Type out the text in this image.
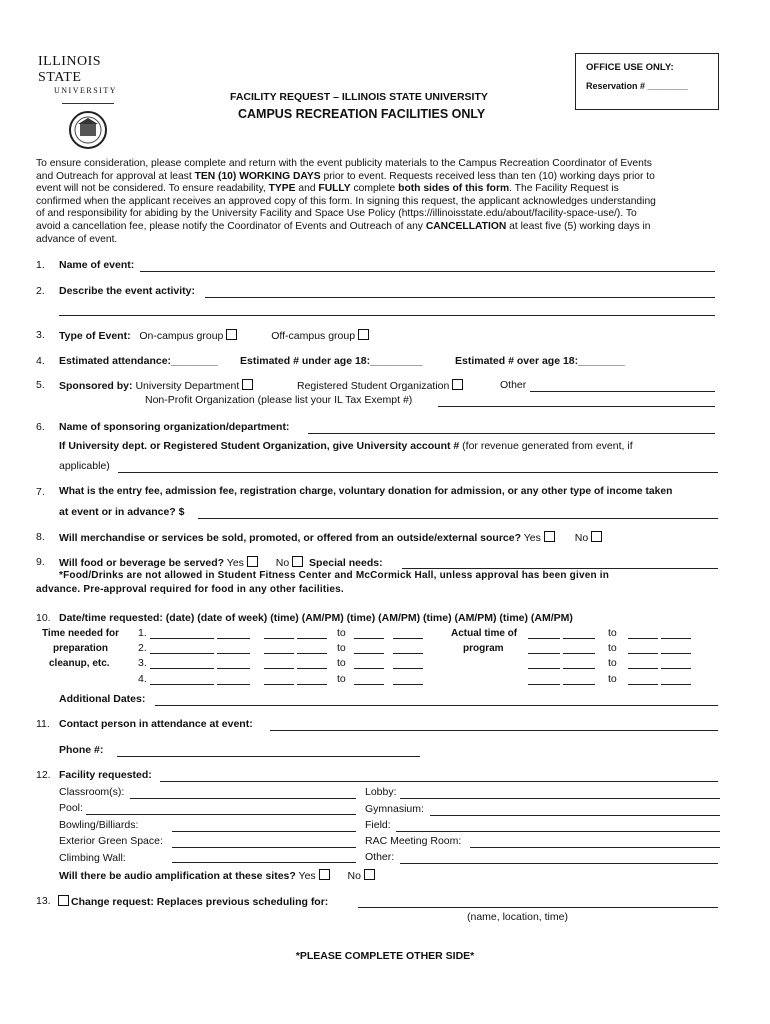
ILLINOIS STATE
UNIVERSITY
FACILITY REQUEST – ILLINOIS STATE UNIVERSITY
CAMPUS RECREATION FACILITIES ONLY
OFFICE USE ONLY:
Reservation # ________
To ensure consideration, please complete and return with the event publicity materials to the Campus Recreation Coordinator of Events
and Outreach for approval at least TEN (10) WORKING DAYS prior to event. Requests received less than ten (10) working days prior to
event will not be considered. To ensure readability, TYPE and FULLY complete both sides of this form. The Facility Request is
confirmed when the applicant receives an approved copy of this form. In signing this request, the applicant acknowledges understanding
of and responsibility for abiding by the University Facility and Space Use Policy (https://illinoisstate.edu/about/facility-space-use/). To
avoid a cancellation fee, please notify the Coordinator of Events and Outreach of any CANCELLATION at least five (5) working days in
advance of event.
1. Name of event:
2. Describe the event activity:
3. Type of Event: On-campus group	Off-campus group
4. Estimated attendance:________ Estimated # under age 18:_________	Estimated # over age 18:________
5. Sponsored by: University Department	Registered Student Organization	Other
Non-Profit Organization (please list your IL Tax Exempt #)
6. Name of sponsoring organization/department:
If University dept. or Registered Student Organization, give University account # (for revenue generated from event, if
applicable)
7. What is the entry fee, admission fee, registration charge, voluntary donation for admission, or any other type of income taken
at event or in advance? $
8. Will merchandise or services be sold, promoted, or offered from an outside/external source? Yes	No
9. Will food or beverage be served? Yes	No Special needs:
*Food/Drinks are not allowed in Student Fitness Center and McCormick Hall, unless approval has been given in
advance. Pre-approval required for food in any other facilities.
10. Date/time requested: (date) (date of week) (time) (AM/PM) (time) (AM/PM) (time) (AM/PM) (time) (AM/PM)
Time needed for
preparation
cleanup, etc.
Actual time of
program
1.	to	to
2.	to	to
3.	to	to
4.	to	to
Additional Dates:
11. Contact person in attendance at event:
Phone #:
12. Facility requested:
Classroom(s):
Pool:
Bowling/Billiards:
Exterior Green Space:
Climbing Wall:
Lobby:
Gymnasium:
Field:
RAC Meeting Room:
Other:
Will there be audio amplification at these sites? Yes	No
13.	Change request: Replaces previous scheduling for:
(name, location, time)
*PLEASE COMPLETE OTHER SIDE*
